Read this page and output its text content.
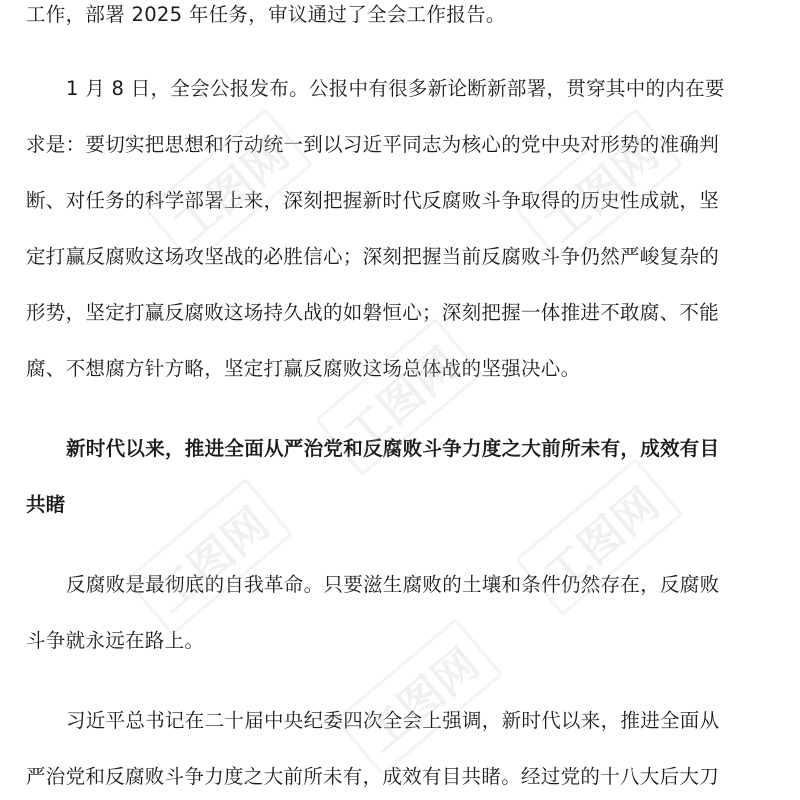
工作，部署 2025 年任务，审议通过了全会工作报告。
1 月 8 日，全会公报发布。公报中有很多新论断新部署，贯穿其中的内在要
求是：要切实把思想和行动统一到以习近平同志为核心的党中央对形势的准确判
断、对任务的科学部署上来，深刻把握新时代反腐败斗争取得的历史性成就，坚
定打赢反腐败这场攻坚战的必胜信心；深刻把握当前反腐败斗争仍然严峻复杂的
形势，坚定打赢反腐败这场持久战的如磐恒心；深刻把握一体推进不敢腐、不能
腐、不想腐方针方略，坚定打赢反腐败这场总体战的坚强决心。
新时代以来，推进全面从严治党和反腐败斗争力度之大前所未有，成效有目
共睹
反腐败是最彻底的自我革命。只要滋生腐败的土壤和条件仍然存在，反腐败
斗争就永远在路上。
习近平总书记在二十届中央纪委四次全会上强调，新时代以来，推进全面从
严治党和反腐败斗争力度之大前所未有，成效有目共睹。经过党的十八大后大刀
工图网	工图网
工图网
工图网	工图网
工图网
